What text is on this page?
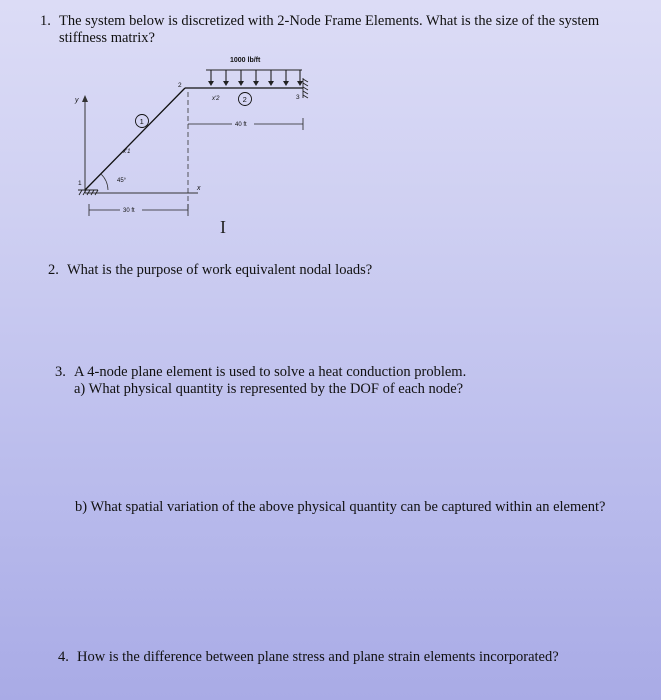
1. The system below is discretized with 2-Node Frame Elements. What is the size of the system
stiffness matrix?
1000 lb/ft
y
x
45°
1
2
x′1
x′2
1
2
3
40 ft
30 ft
I
2. What is the purpose of work equivalent nodal loads?
3. A 4-node plane element is used to solve a heat conduction problem.
a) What physical quantity is represented by the DOF of each node?
b) What spatial variation of the above physical quantity can be captured within an element?
4. How is the difference between plane stress and plane strain elements incorporated?
